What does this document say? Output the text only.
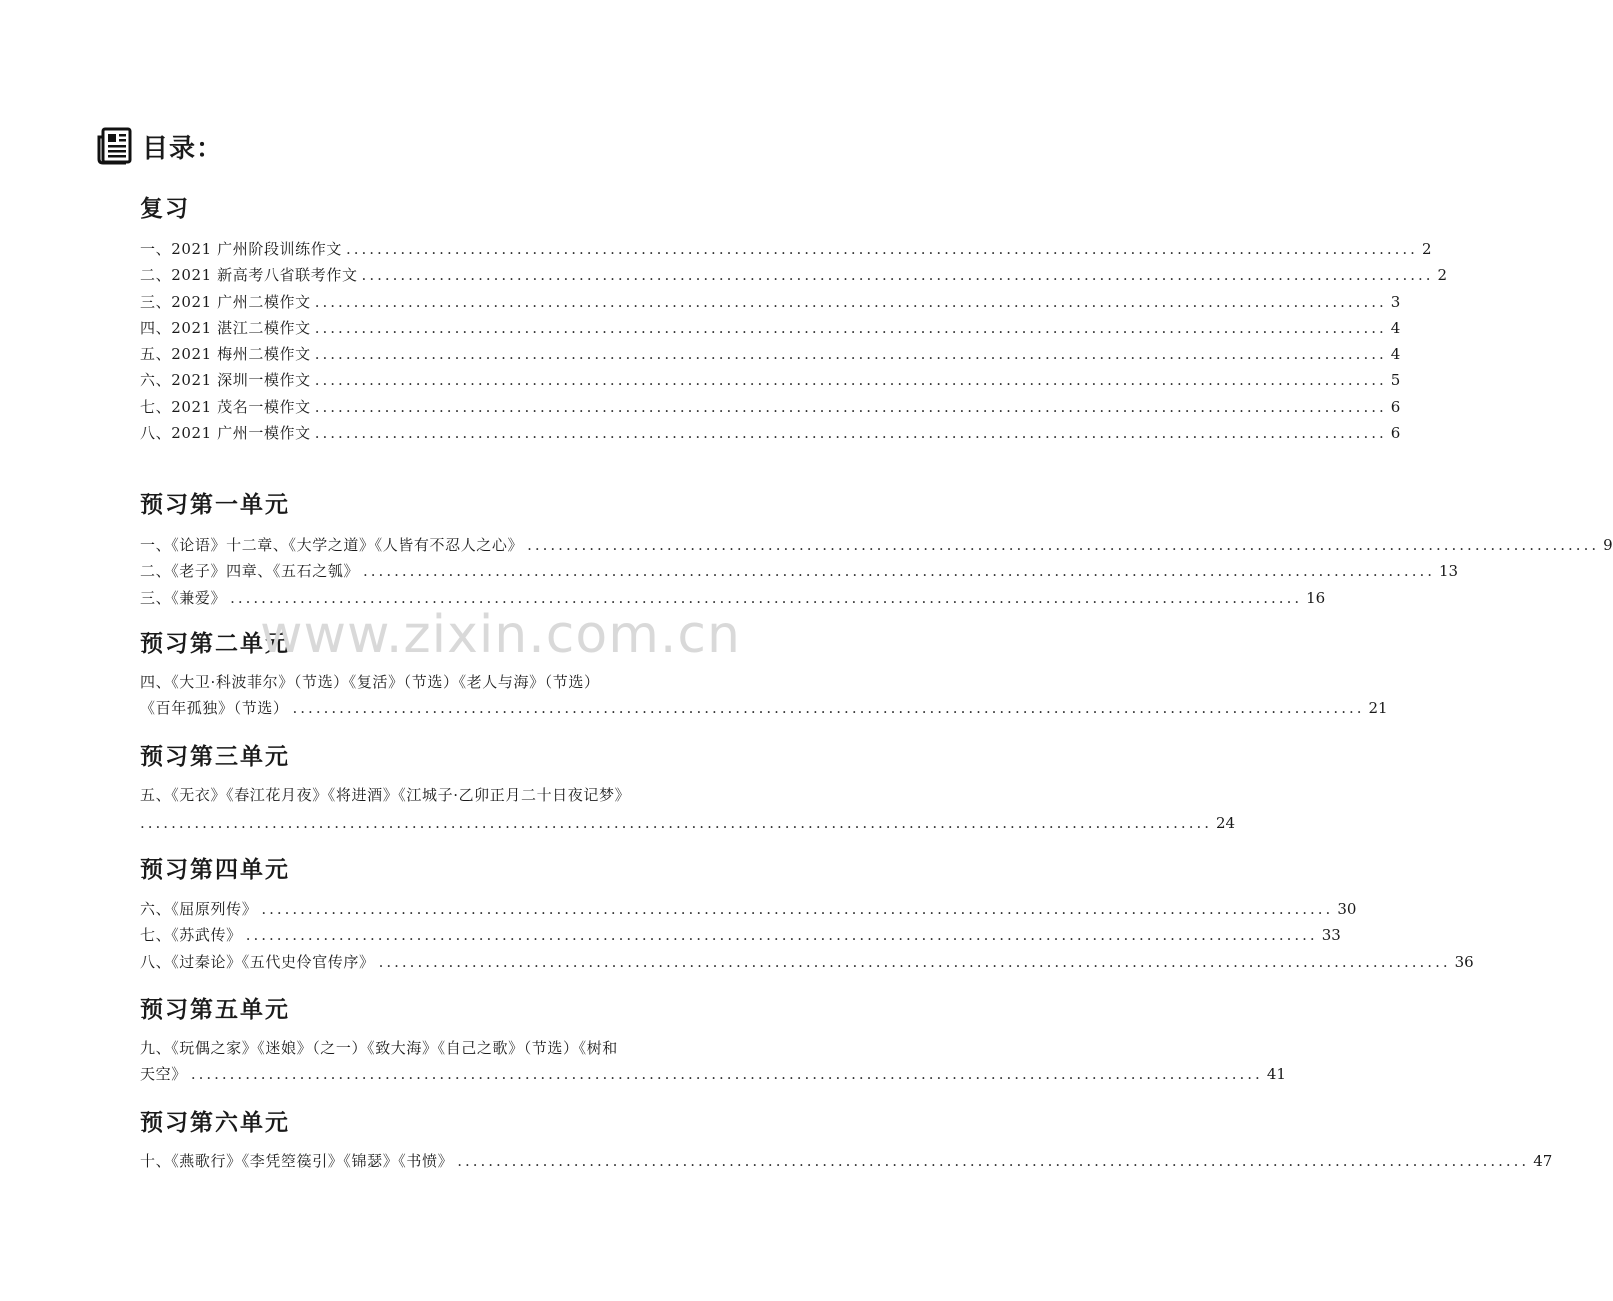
目录：
复习
一、2021 广州阶段训练作文 .......................................................................................................................................... 2
二、2021 新高考八省联考作文 .......................................................................................................................................... 2
三、2021 广州二模作文 .......................................................................................................................................... 3
四、2021 湛江二模作文 .......................................................................................................................................... 4
五、2021 梅州二模作文 .......................................................................................................................................... 4
六、2021 深圳一模作文 .......................................................................................................................................... 5
七、2021 茂名一模作文 .......................................................................................................................................... 6
八、2021 广州一模作文 .......................................................................................................................................... 6
预习第一单元
一、《论语》十二章、《大学之道》《人皆有不忍人之心》 .......................................................................................................................................... 9
二、《老子》四章、《五石之瓠》 .......................................................................................................................................... 13
三、《兼爱》 .......................................................................................................................................... 16
预习第二单元
四、《大卫·科波菲尔》（节选）《复活》（节选）《老人与海》（节选）
《百年孤独》（节选） .......................................................................................................................................... 21
预习第三单元
五、《无衣》《春江花月夜》《将进酒》《江城子·乙卯正月二十日夜记梦》
.......................................................................................................................................... 24
预习第四单元
六、《屈原列传》 .......................................................................................................................................... 30
七、《苏武传》 .......................................................................................................................................... 33
八、《过秦论》《五代史伶官传序》 .......................................................................................................................................... 36
预习第五单元
九、《玩偶之家》《迷娘》（之一）《致大海》《自己之歌》（节选）《树和
天空》 .......................................................................................................................................... 41
预习第六单元
十、《燕歌行》《李凭箜篌引》《锦瑟》《书愤》 .......................................................................................................................................... 47
www.zixin.com.cn
